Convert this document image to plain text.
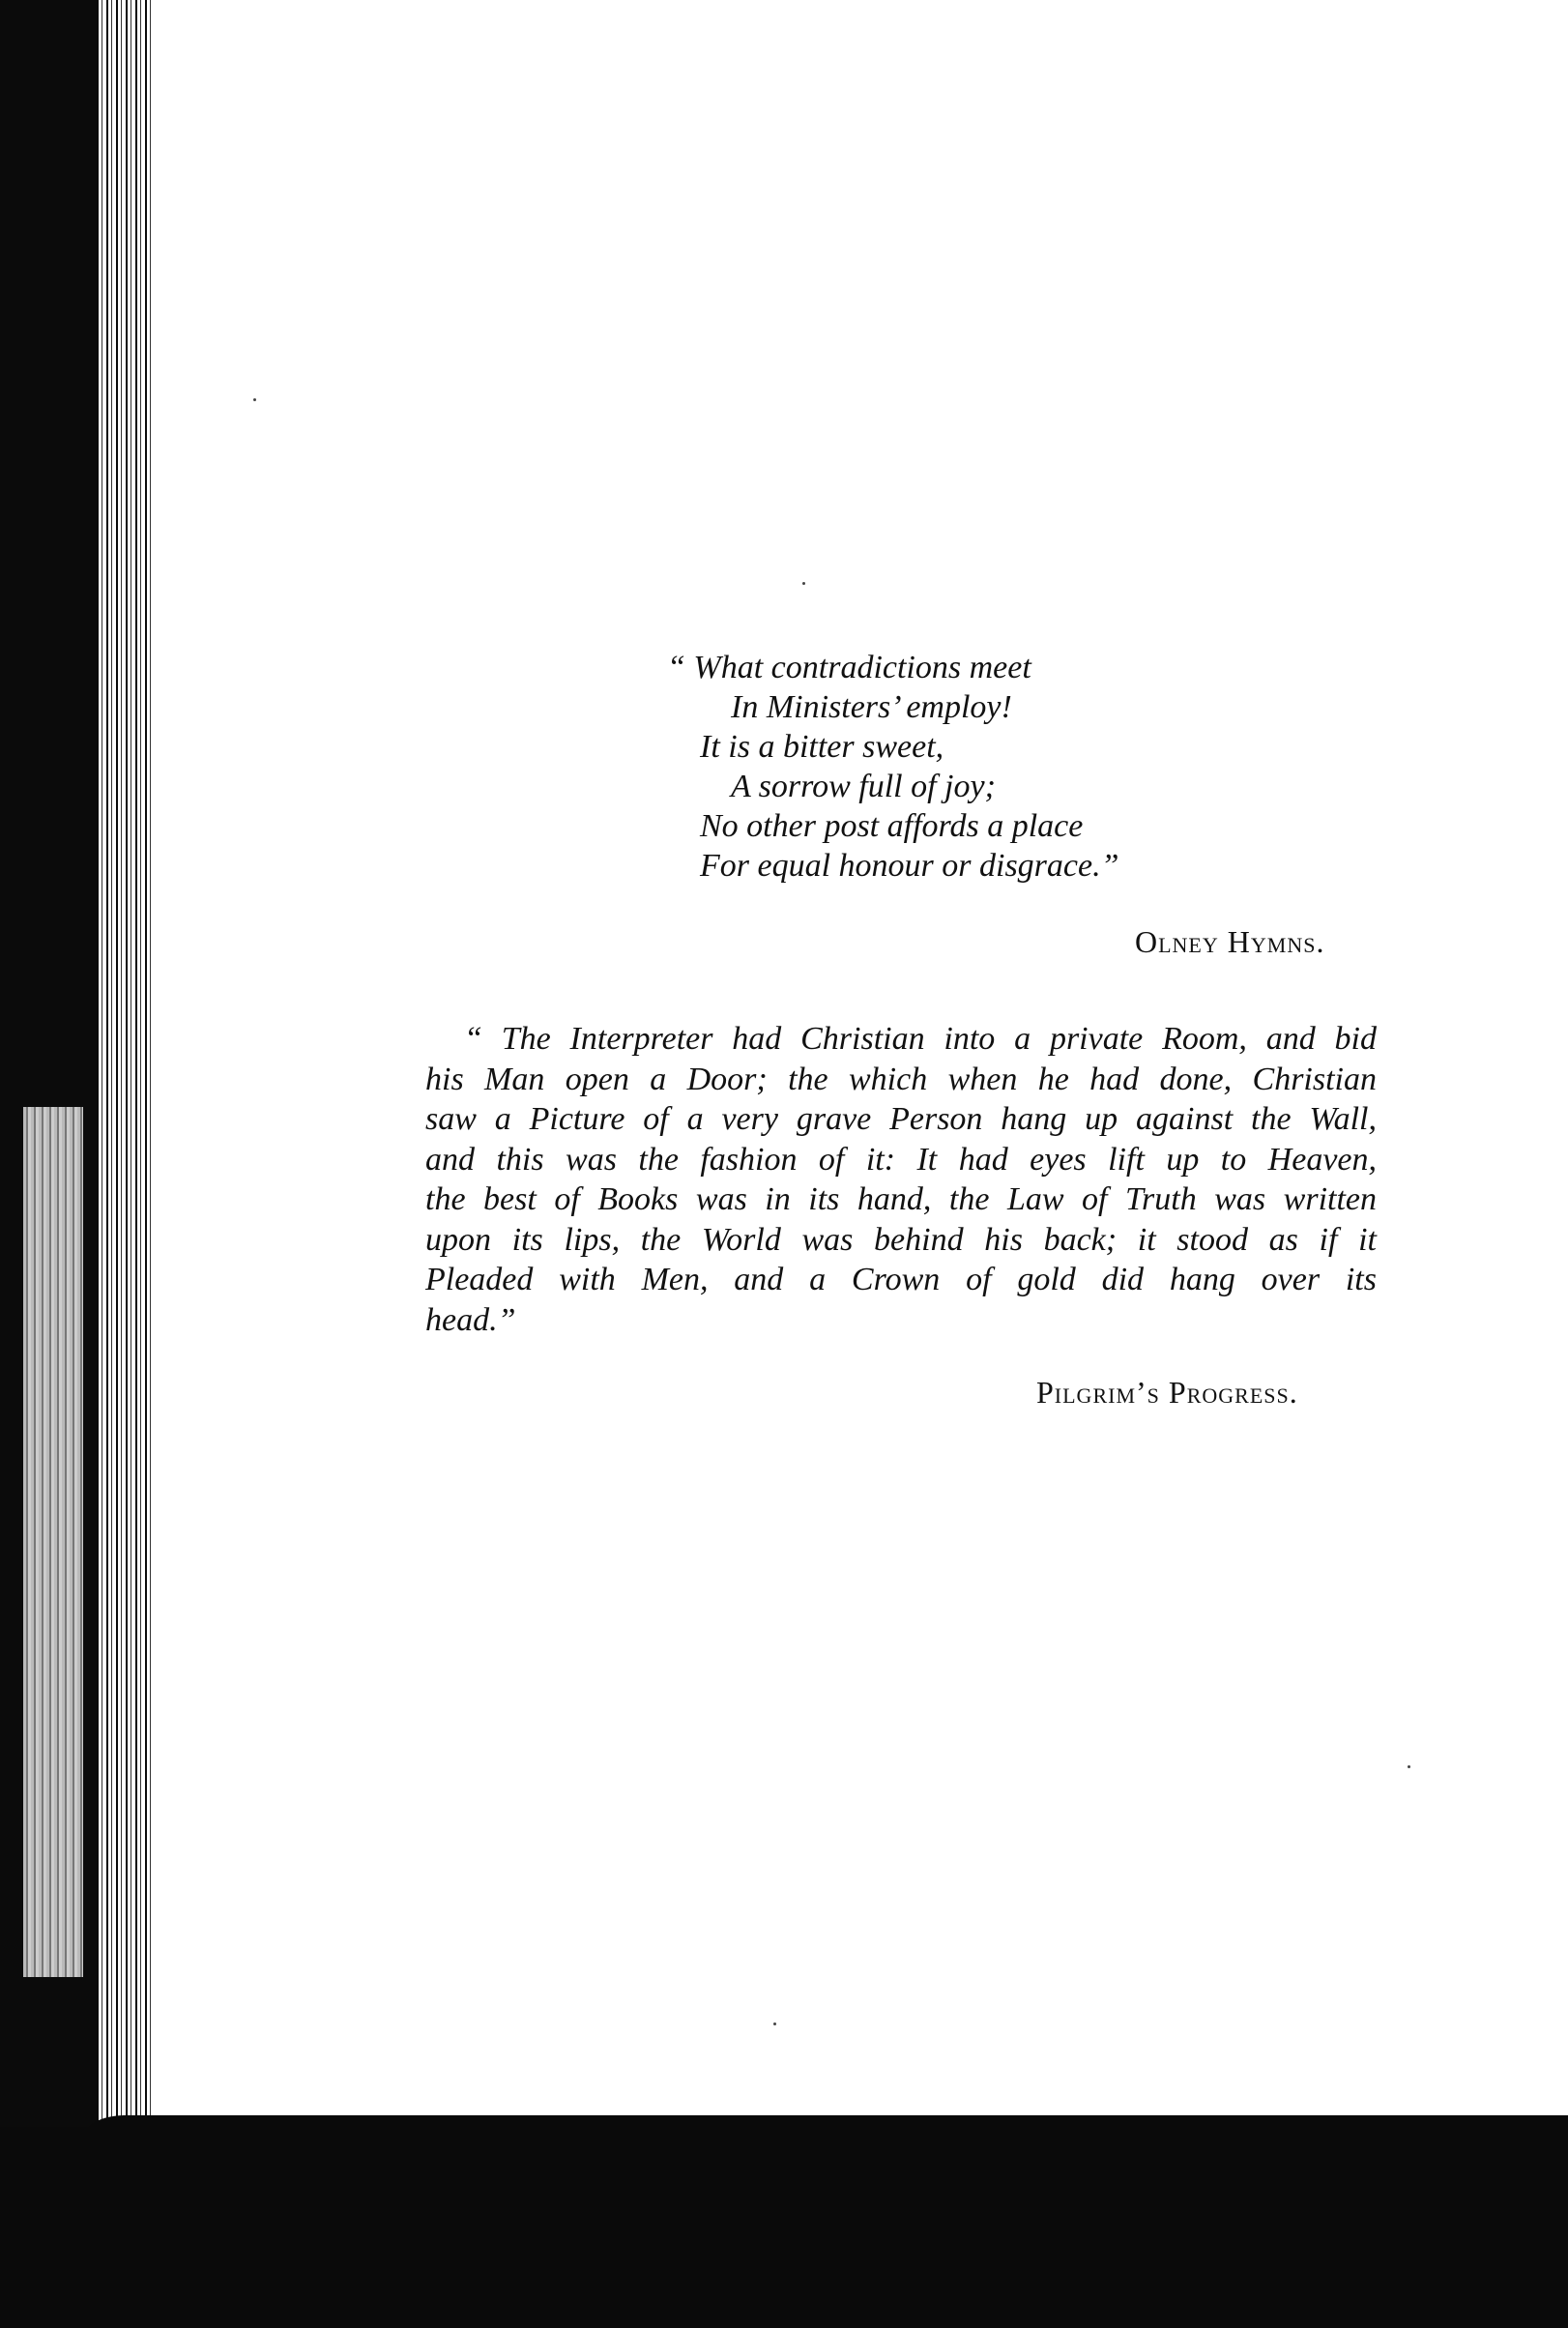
“ What contradictions meet
In Ministers’ employ!
It is a bitter sweet,
A sorrow full of joy;
No other post affords a place
For equal honour or disgrace.”
Olney Hymns.
“ The Interpreter had Christian into a private Room, and bid
his Man open a Door; the which when he had done, Christian
saw a Picture of a very grave Person hang up against the Wall,
and this was the fashion of it: It had eyes lift up to Heaven,
the best of Books was in its hand, the Law of Truth was written
upon its lips, the World was behind his back; it stood as if it
Pleaded with Men, and a Crown of gold did hang over its
head.”
Pilgrim’s Progress.
